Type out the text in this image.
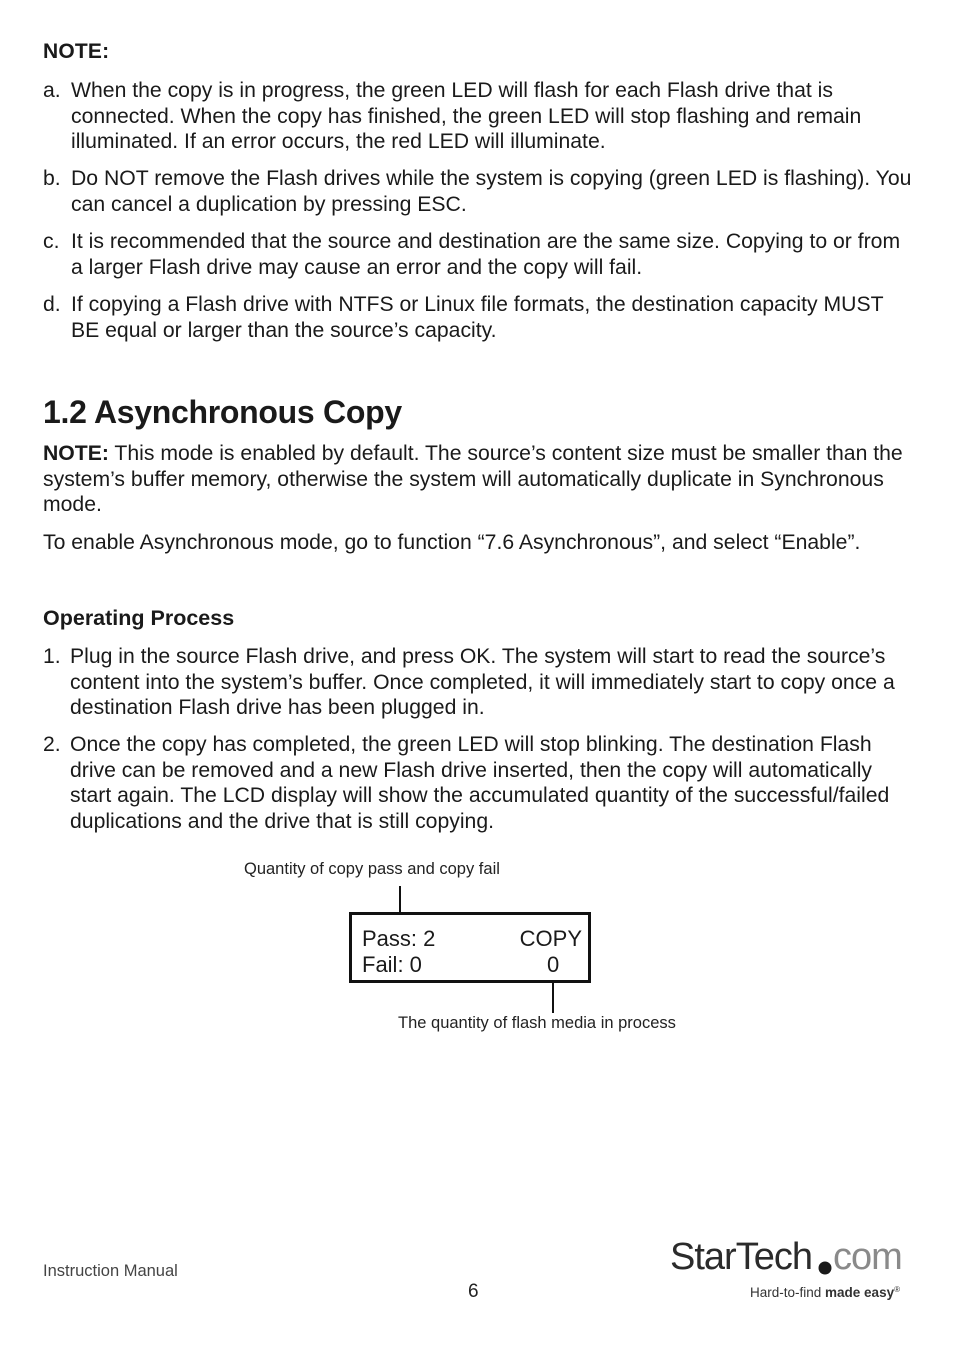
NOTE:
a. When the copy is in progress, the green LED will flash for each Flash drive that is connected. When the copy has finished, the green LED will stop flashing and remain illuminated. If an error occurs, the red LED will illuminate.
b. Do NOT remove the Flash drives while the system is copying (green LED is flashing). You can cancel a duplication by pressing ESC.
c. It is recommended that the source and destination are the same size. Copying to or from a larger Flash drive may cause an error and the copy will fail.
d. If copying a Flash drive with NTFS or Linux file formats, the destination capacity MUST BE equal or larger than the source’s capacity.
1.2 Asynchronous Copy
NOTE: This mode is enabled by default. The source’s content size must be smaller than the system’s buffer memory, otherwise the system will automatically duplicate in Synchronous mode.
To enable Asynchronous mode, go to function “7.6 Asynchronous”, and select “Enable”.
Operating Process
1. Plug in the source Flash drive, and press OK. The system will start to read the source’s content into the system’s buffer. Once completed, it will immediately start to copy once a destination Flash drive has been plugged in.
2. Once the copy has completed, the green LED will stop blinking. The destination Flash drive can be removed and a new Flash drive inserted, then the copy will automatically start again. The LCD display will show the accumulated quantity of the successful/failed duplications and the drive that is still copying.
Quantity of copy pass and copy fail
Pass: 2
Fail: 0
COPY
0
The quantity of flash media in process
Instruction Manual
6
StarTech com
Hard-to-find made easy®
